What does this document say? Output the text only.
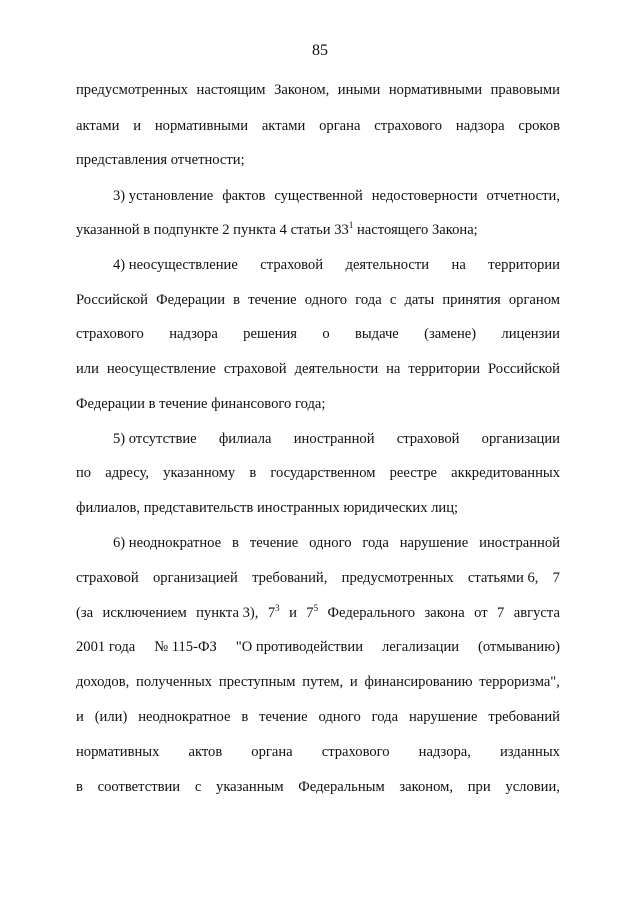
85
предусмотренных настоящим Законом, иными нормативными правовыми
актами и нормативными актами органа страхового надзора сроков
представления отчетности;
3) установление фактов существенной недостоверности отчетности,
указанной в подпункте 2 пункта 4 статьи $33^1$ настоящего Закона;
4) неосуществление страховой деятельности на территории
Российской Федерации в течение одного года с даты принятия органом
страхового надзора решения о выдаче (замене) лицензии
или неосуществление страховой деятельности на территории Российской
Федерации в течение финансового года;
5) отсутствие филиала иностранной страховой организации
по адресу, указанному в государственном реестре аккредитованных
филиалов, представительств иностранных юридических лиц;
6) неоднократное в течение одного года нарушение иностранной
страховой организацией требований, предусмотренных статьями 6, 7
(за исключением пункта 3), $7^3$ и $7^5$ Федерального закона от 7 августа
2001 года № 115-ФЗ "О противодействии легализации (отмыванию)
доходов, полученных преступным путем, и финансированию терроризма",
и (или) неоднократное в течение одного года нарушение требований
нормативных актов органа страхового надзора, изданных
в соответствии с указанным Федеральным законом, при условии,
